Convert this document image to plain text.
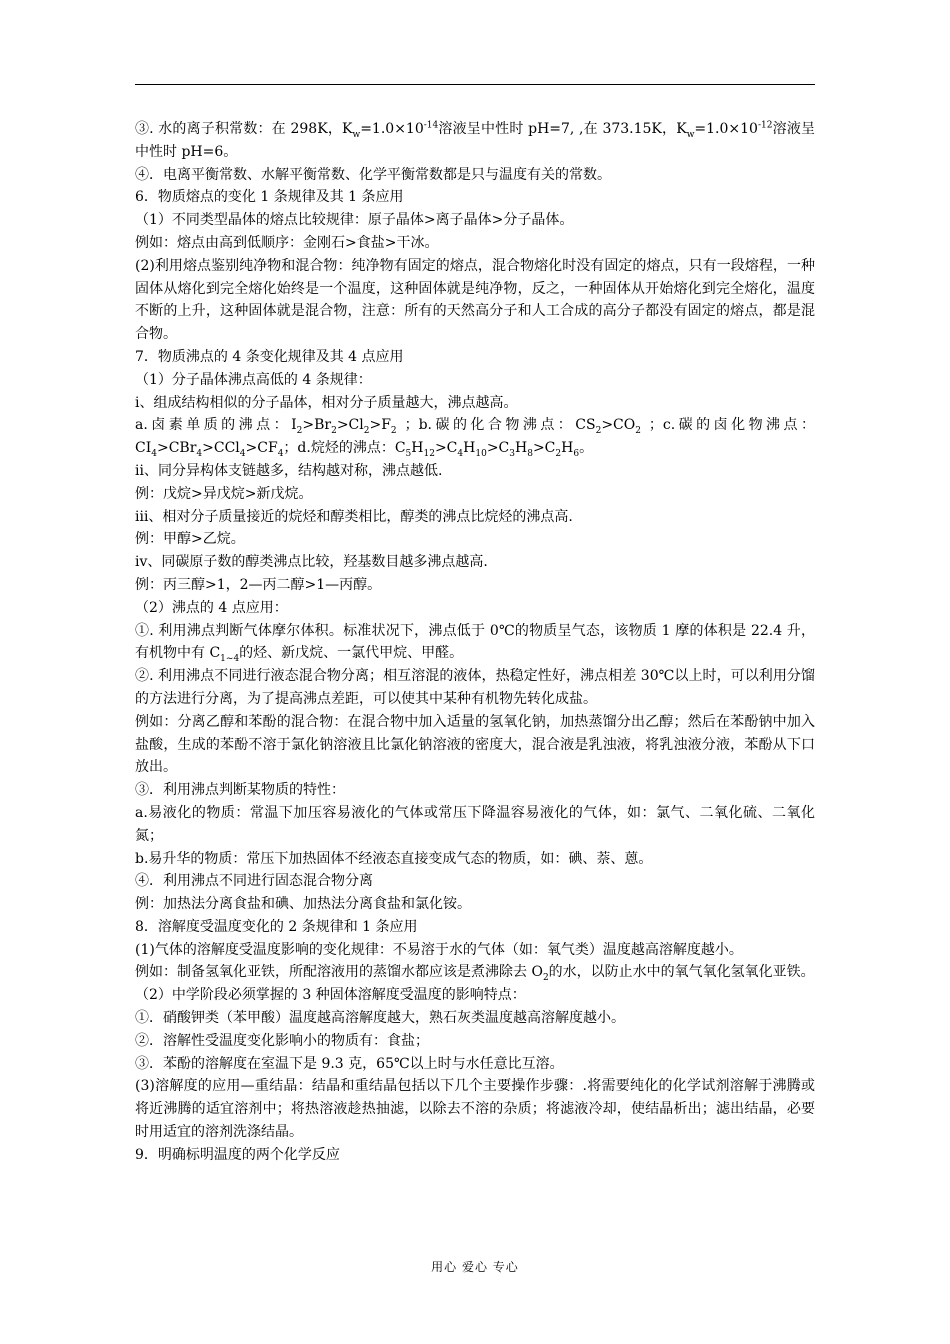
③. 水的离子积常数：在 298K，$K_w=1.0\times 10^{-14}$溶液呈中性时 pH=7, ,在 373.15K，$K_w=1.0\times 10^{-12}$溶液呈中性时 pH=6。

④．电离平衡常数、水解平衡常数、化学平衡常数都是只与温度有关的常数。

6．物质熔点的变化 1 条规律及其 1 条应用

（1）不同类型晶体的熔点比较规律：原子晶体>离子晶体>分子晶体。

例如：熔点由高到低顺序：金刚石>食盐>干冰。

(2)利用熔点鉴别纯净物和混合物：纯净物有固定的熔点，混合物熔化时没有固定的熔点，只有一段熔程，一种固体从熔化到完全熔化始终是一个温度，这种固体就是纯净物，反之，一种固体从开始熔化到完全熔化，温度不断的上升，这种固体就是混合物，注意：所有的天然高分子和人工合成的高分子都没有固定的熔点，都是混合物。

7．物质沸点的 4 条变化规律及其 4 点应用

（1）分子晶体沸点高低的 4 条规律：

ⅰ、组成结构相似的分子晶体，相对分子质量越大，沸点越高。

a.卤素单质的沸点：$I_2>Br_2>Cl_2>F_2$ ；b.碳的化合物沸点：$CS_2>CO_2$ ；c.碳的卤化物沸点：$CI_4>CBr_4>CCl_4>CF_4$；d.烷烃的沸点：$C_5H_{12}>C_4H_{10}>C_3H_8>C_2H_6$。

ⅱ、同分异构体支链越多，结构越对称，沸点越低.

例：戊烷>异戊烷>新戊烷。

ⅲ、相对分子质量接近的烷烃和醇类相比，醇类的沸点比烷烃的沸点高.

例：甲醇>乙烷。

ⅳ、同碳原子数的醇类沸点比较，羟基数目越多沸点越高.

例：丙三醇>1，2—丙二醇>1—丙醇。

（2）沸点的 4 点应用：

①. 利用沸点判断气体摩尔体积。标准状况下，沸点低于 0℃的物质呈气态，该物质 1 摩的体积是 22.4 升，有机物中有 $C_{1\sim 4}$的烃、新戊烷、一氯代甲烷、甲醛。

②. 利用沸点不同进行液态混合物分离；相互溶混的液体，热稳定性好，沸点相差 30℃以上时，可以利用分馏的方法进行分离，为了提高沸点差距，可以使其中某种有机物先转化成盐。

例如：分离乙醇和苯酚的混合物：在混合物中加入适量的氢氧化钠，加热蒸馏分出乙醇；然后在苯酚钠中加入盐酸，生成的苯酚不溶于氯化钠溶液且比氯化钠溶液的密度大，混合液是乳浊液，将乳浊液分液，苯酚从下口放出。

③．利用沸点判断某物质的特性：

a.易液化的物质：常温下加压容易液化的气体或常压下降温容易液化的气体，如：氯气、二氧化硫、二氧化氮；

b.易升华的物质：常压下加热固体不经液态直接变成气态的物质，如：碘、萘、蒽。

④．利用沸点不同进行固态混合物分离

例：加热法分离食盐和碘、加热法分离食盐和氯化铵。

8．溶解度受温度变化的 2 条规律和 1 条应用

(1)气体的溶解度受温度影响的变化规律：不易溶于水的气体（如：氧气类）温度越高溶解度越小。

例如：制备氢氧化亚铁，所配溶液用的蒸馏水都应该是煮沸除去 $O_2$的水，以防止水中的氧气氧化氢氧化亚铁。

（2）中学阶段必须掌握的 3 种固体溶解度受温度的影响特点：

①．硝酸钾类（苯甲酸）温度越高溶解度越大，熟石灰类温度越高溶解度越小。

②．溶解性受温度变化影响小的物质有：食盐；

③．苯酚的溶解度在室温下是 9.3 克，65℃以上时与水任意比互溶。

(3)溶解度的应用—重结晶：结晶和重结晶包括以下几个主要操作步骤：.将需要纯化的化学试剂溶解于沸腾或将近沸腾的适宜溶剂中；将热溶液趁热抽滤，以除去不溶的杂质；将滤液冷却，使结晶析出；滤出结晶，必要时用适宜的溶剂洗涤结晶。

9．明确标明温度的两个化学反应

用心 爱心 专心
